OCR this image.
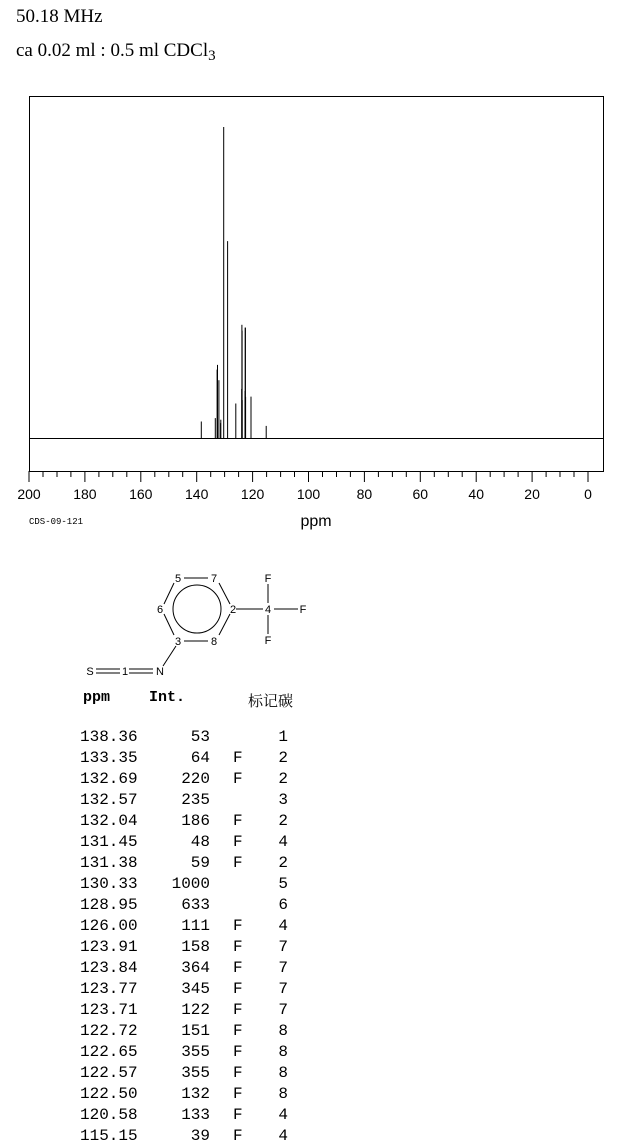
50.18 MHz
ca 0.02 ml : 0.5 ml CDCl$_3$
200 180 160 140 120 100	80	60	40	20	0
CDS-09-121	ppm
5	7
6	2
3	8
4
F
F
F
S	1	N
ppm	Int.	标记碳
138.36	53	1
133.35	64 F	2
132.69	220 F	2
132.57	235	3
132.04	186 F	2
131.45	48 F	4
131.38	59 F	2
130.33	1000	5
128.95	633	6
126.00	111 F	4
123.91	158 F	7
123.84	364 F	7
123.77	345 F	7
123.71	122 F	7
122.72	151 F	8
122.65	355 F	8
122.57	355 F	8
122.50	132 F	8
120.58	133 F	4
115.15	39 F	4
